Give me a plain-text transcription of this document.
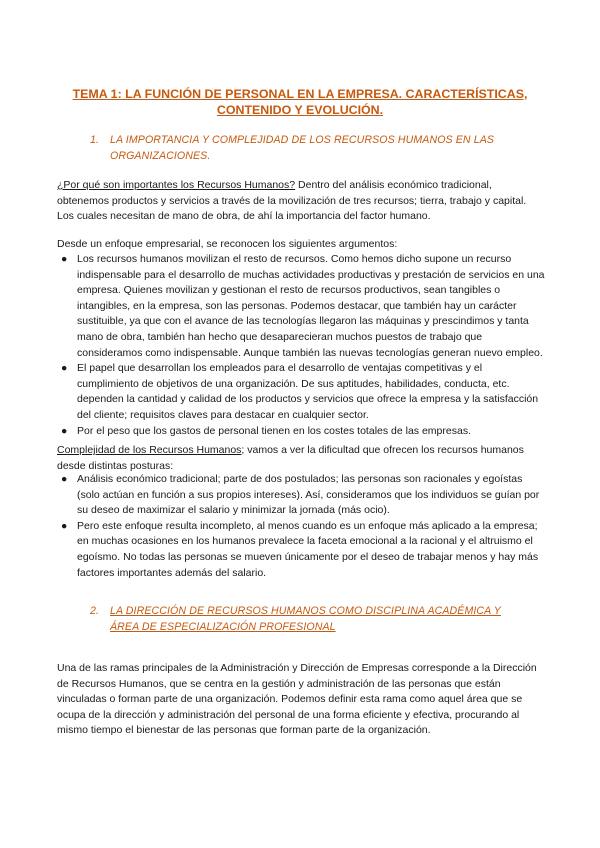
TEMA 1: LA FUNCIÓN DE PERSONAL EN LA EMPRESA. CARACTERÍSTICAS, CONTENIDO Y EVOLUCIÓN.
1. LA IMPORTANCIA Y COMPLEJIDAD DE LOS RECURSOS HUMANOS EN LAS ORGANIZACIONES.
¿Por qué son importantes los Recursos Humanos? Dentro del análisis económico tradicional, obtenemos productos y servicios a través de la movilización de tres recursos; tierra, trabajo y capital. Los cuales necesitan de mano de obra, de ahí la importancia del factor humano.
Desde un enfoque empresarial, se reconocen los siguientes argumentos:
● Los recursos humanos movilizan el resto de recursos. Como hemos dicho supone un recurso indispensable para el desarrollo de muchas actividades productivas y prestación de servicios en una empresa. Quienes movilizan y gestionan el resto de recursos productivos, sean tangibles o intangibles, en la empresa, son las personas. Podemos destacar, que también hay un carácter sustituible, ya que con el avance de las tecnologías llegaron las máquinas y prescindimos y tanta mano de obra, también han hecho que desaparecieran muchos puestos de trabajo que consideramos como indispensable. Aunque también las nuevas tecnologías generan nuevo empleo.
● El papel que desarrollan los empleados para el desarrollo de ventajas competitivas y el cumplimiento de objetivos de una organización. De sus aptitudes, habilidades, conducta, etc. dependen la cantidad y calidad de los productos y servicios que ofrece la empresa y la satisfacción del cliente; requisitos claves para destacar en cualquier sector.
● Por el peso que los gastos de personal tienen en los costes totales de las empresas.
Complejidad de los Recursos Humanos; vamos a ver la dificultad que ofrecen los recursos humanos desde distintas posturas:
● Análisis económico tradicional; parte de dos postulados; las personas son racionales y egoístas (solo actúan en función a sus propios intereses). Así, consideramos que los individuos se guían por su deseo de maximizar el salario y minimizar la jornada (más ocio).
● Pero este enfoque resulta incompleto, al menos cuando es un enfoque más aplicado a la empresa; en muchas ocasiones en los humanos prevalece la faceta emocional a la racional y el altruismo el egoísmo. No todas las personas se mueven únicamente por el deseo de trabajar menos y hay más factores importantes además del salario.
2. LA DIRECCIÓN DE RECURSOS HUMANOS COMO DISCIPLINA ACADÉMICA Y ÁREA DE ESPECIALIZACIÓN PROFESIONAL
Una de las ramas principales de la Administración y Dirección de Empresas corresponde a la Dirección de Recursos Humanos, que se centra en la gestión y administración de las personas que están vinculadas o forman parte de una organización. Podemos definir esta rama como aquel área que se ocupa de la dirección y administración del personal de una forma eficiente y efectiva, procurando al mismo tiempo el bienestar de las personas que forman parte de la organización.
